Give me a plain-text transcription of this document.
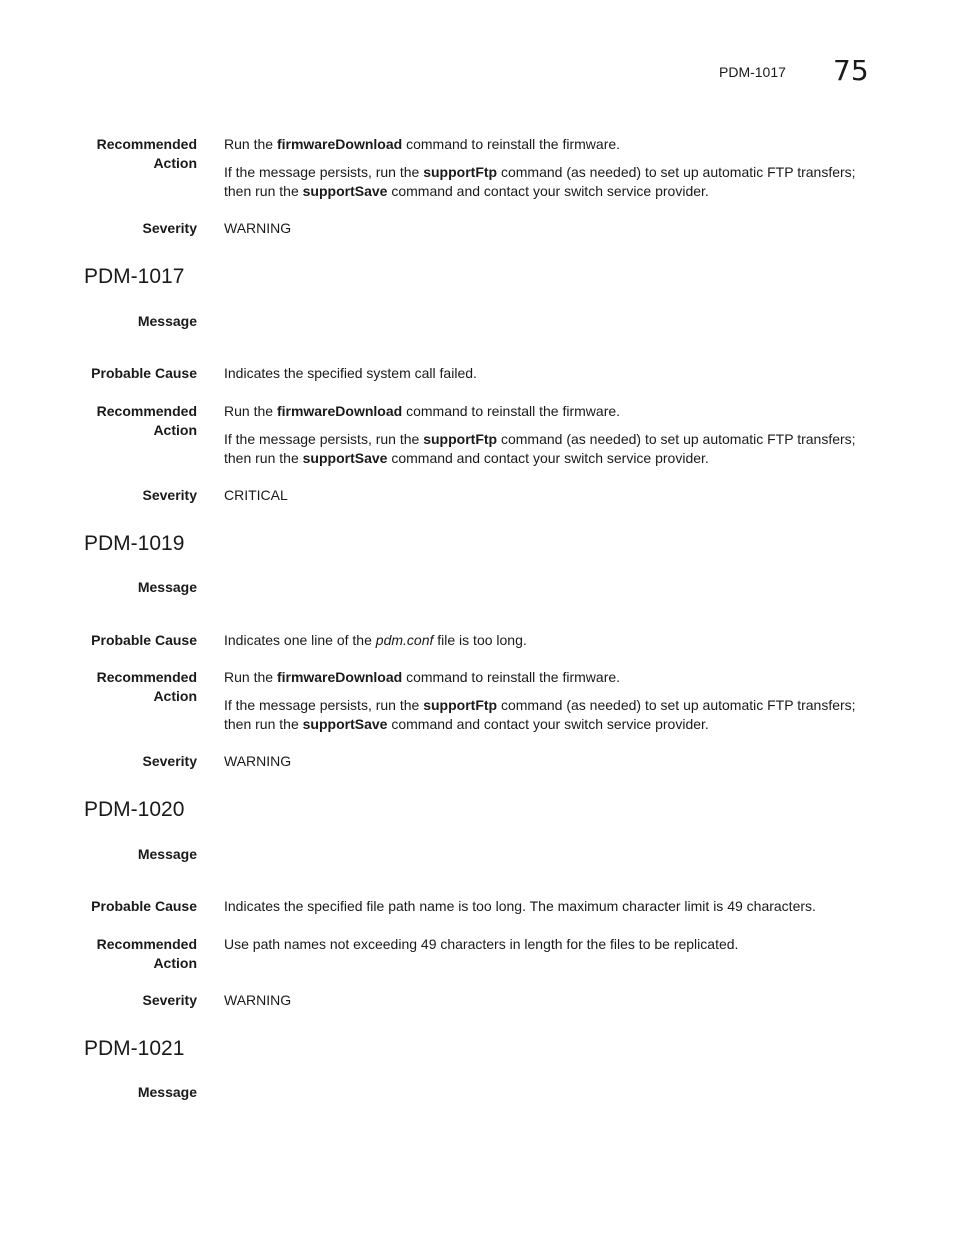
PDM-1017 75
Recommended
Action
Run the firmwareDownload command to reinstall the firmware.
If the message persists, run the supportFtp command (as needed) to set up automatic FTP transfers; then run the supportSave command and contact your switch service provider.
Severity WARNING
PDM-1017
Message
Probable Cause Indicates the specified system call failed.
Recommended
Action
Run the firmwareDownload command to reinstall the firmware.
If the message persists, run the supportFtp command (as needed) to set up automatic FTP transfers; then run the supportSave command and contact your switch service provider.
Severity CRITICAL
PDM-1019
Message
Probable Cause Indicates one line of the pdm.conf file is too long.
Recommended
Action
Run the firmwareDownload command to reinstall the firmware.
If the message persists, run the supportFtp command (as needed) to set up automatic FTP transfers; then run the supportSave command and contact your switch service provider.
Severity WARNING
PDM-1020
Message
Probable Cause Indicates the specified file path name is too long. The maximum character limit is 49 characters.
Recommended
Action
Use path names not exceeding 49 characters in length for the files to be replicated.
Severity WARNING
PDM-1021
Message
